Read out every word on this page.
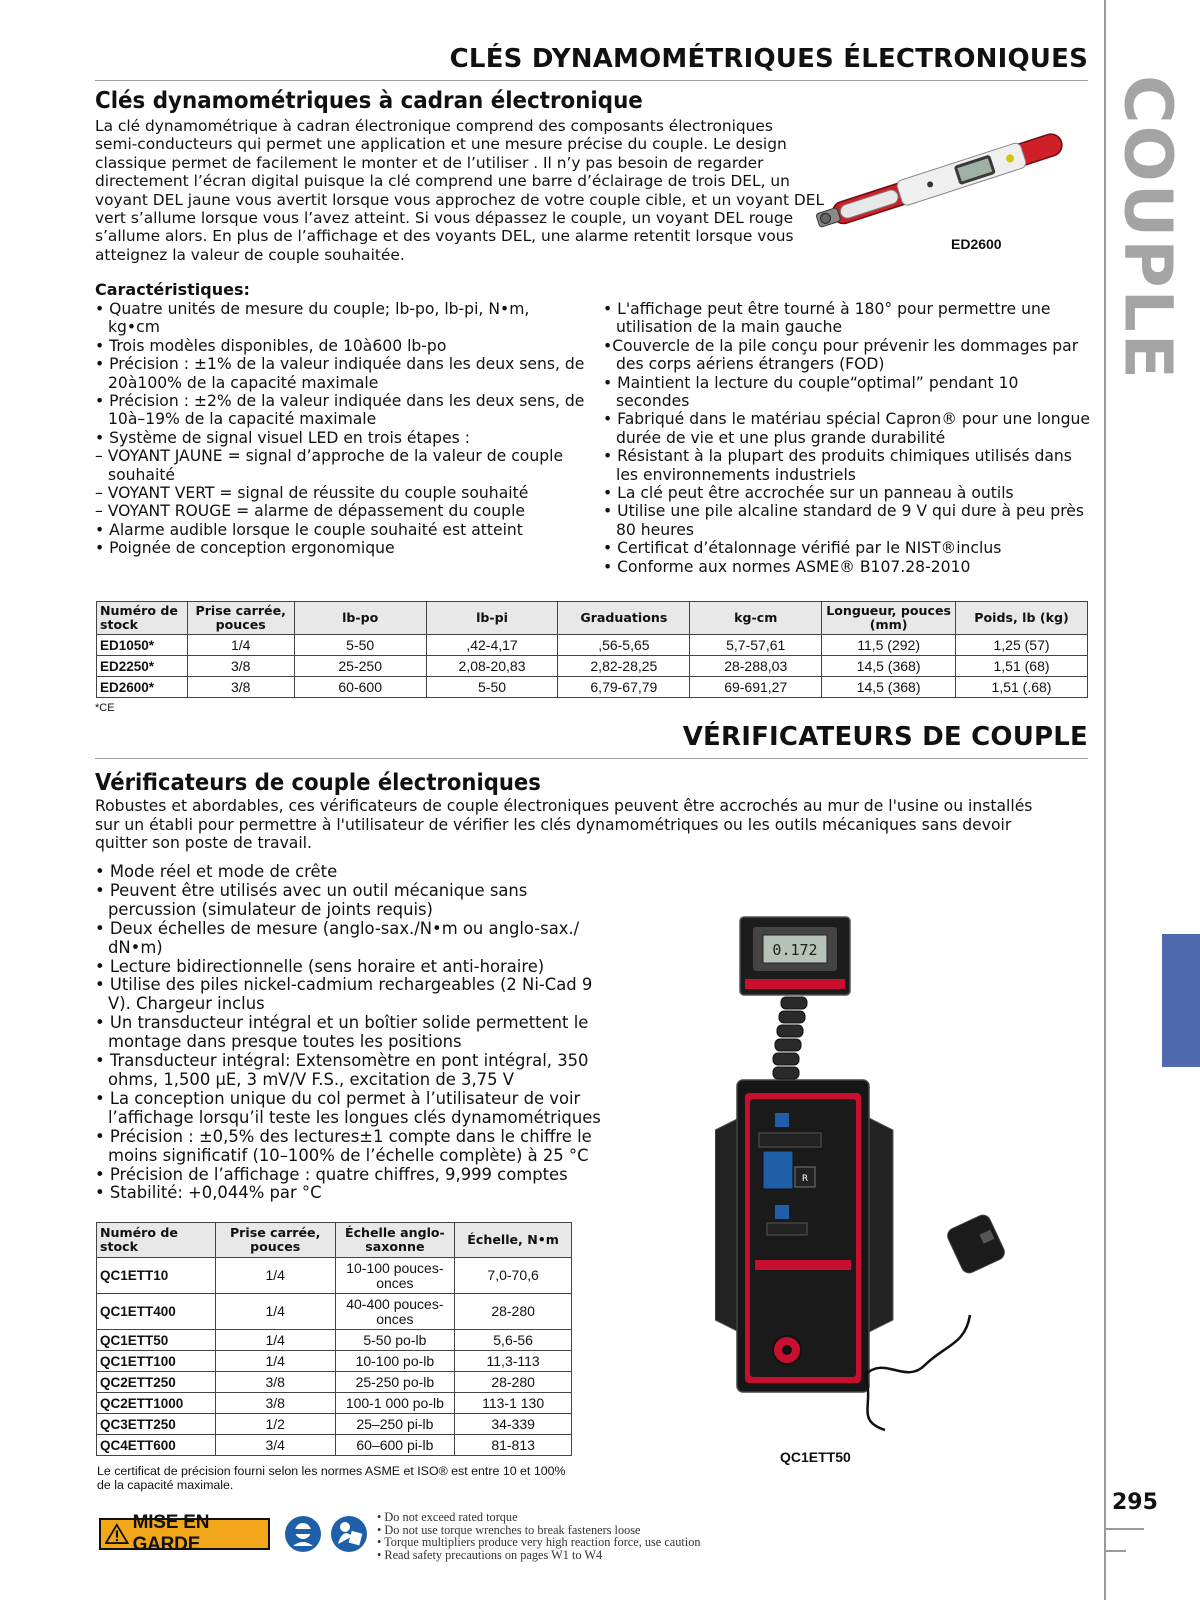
COUPLE
295
CLÉS DYNAMOMÉTRIQUES ÉLECTRONIQUES
Clés dynamométriques à cadran électronique
La clé dynamométrique à cadran électronique comprend des composants électroniques
semi-conducteurs qui permet une application et une mesure précise du couple. Le design
classique permet de facilement le monter et de l’utiliser . Il n’y pas besoin de regarder
directement l’écran digital puisque la clé comprend une barre d’éclairage de trois DEL, un
voyant DEL jaune vous avertit lorsque vous approchez de votre couple cible, et un voyant DEL
vert s’allume lorsque vous l’avez atteint. Si vous dépassez le couple, un voyant DEL rouge
s’allume alors. En plus de l’affichage et des voyants DEL, une alarme retentit lorsque vous
atteignez la valeur de couple souhaitée.
ED2600
Caractéristiques:
• Quatre unités de mesure du couple; lb-po, lb-pi, N•m, kg•cm
• Trois modèles disponibles, de 10à600 lb-po
• Précision : ±1% de la valeur indiquée dans les deux sens, de 20à100% de la capacité maximale
• Précision : ±2% de la valeur indiquée dans les deux sens, de 10à–19% de la capacité maximale
• Système de signal visuel LED en trois étapes :
– VOYANT JAUNE = signal d’approche de la valeur de couple souhaité
– VOYANT VERT = signal de réussite du couple souhaité
– VOYANT ROUGE = alarme de dépassement du couple
• Alarme audible lorsque le couple souhaité est atteint
• Poignée de conception ergonomique
• L'affichage peut être tourné à 180° pour permettre une utilisation de la main gauche
•Couvercle de la pile conçu pour prévenir les dommages par des corps aériens étrangers (FOD)
• Maintient la lecture du couple“optimal” pendant 10 secondes
• Fabriqué dans le matériau spécial Capron® pour une longue durée de vie et une plus grande durabilité
• Résistant à la plupart des produits chimiques utilisés dans les environnements industriels
• La clé peut être accrochée sur un panneau à outils
• Utilise une pile alcaline standard de 9 V qui dure à peu près 80 heures
• Certificat d’étalonnage vérifié par le NIST®inclus
• Conforme aux normes ASME® B107.28-2010
Numéro de stock	Prise carrée, pouces	lb-po	lb-pi	Graduations	kg-cm	Longueur, pouces (mm)	Poids, lb (kg)
ED1050*	1/4	5-50	,42-4,17	,56-5,65	5,7-57,61	11,5 (292)	1,25 (57)
ED2250*	3/8	25-250	2,08-20,83	2,82-28,25	28-288,03	14,5 (368)	1,51 (68)
ED2600*	3/8	60-600	5-50	6,79-67,79	69-691,27	14,5 (368)	1,51 (.68)
*CE
VÉRIFICATEURS DE COUPLE
Vérificateurs de couple électroniques
Robustes et abordables, ces vérificateurs de couple électroniques peuvent être accrochés au mur de l'usine ou installés
sur un établi pour permettre à l'utilisateur de vérifier les clés dynamométriques ou les outils mécaniques sans devoir
quitter son poste de travail.
• Mode réel et mode de crête
• Peuvent être utilisés avec un outil mécanique sans percussion (simulateur de joints requis)
• Deux échelles de mesure (anglo-sax./N•m ou anglo-sax./ dN•m)
• Lecture bidirectionnelle (sens horaire et anti-horaire)
• Utilise des piles nickel-cadmium rechargeables (2 Ni-Cad 9 V). Chargeur inclus
• Un transducteur intégral et un boîtier solide permettent le montage dans presque toutes les positions
• Transducteur intégral: Extensomètre en pont intégral, 350 ohms, 1,500 µE, 3 mV/V F.S., excitation de 3,75 V
• La conception unique du col permet à l’utilisateur de voir l’affichage lorsqu’il teste les longues clés dynamométriques
• Précision : ±0,5% des lectures±1 compte dans le chiffre le moins significatif (10–100% de l’échelle complète) à 25 °C
• Précision de l’affichage : quatre chiffres, 9,999 comptes
• Stabilité: +0,044% par °C
Numéro de stock	Prise carrée, pouces	Échelle anglo-saxonne	Échelle, N•m
QC1ETT10	1/4	10-100 pouces-onces	7,0-70,6
QC1ETT400	1/4	40-400 pouces-onces	28-280
QC1ETT50	1/4	5-50 po-lb	5,6-56
QC1ETT100	1/4	10-100 po-lb	11,3-113
QC2ETT250	3/8	25-250 po-lb	28-280
QC2ETT1000	3/8	100-1 000 po-lb	113-1 130
QC3ETT250	1/2	25–250 pi-lb	34-339
QC4ETT600	3/4	60–600 pi-lb	81-813
Le certificat de précision fourni selon les normes ASME et ISO® est entre 10 et 100% de la capacité maximale.
0.172
R
QC1ETT50
MISE EN GARDE
• Do not exceed rated torque
• Do not use torque wrenches to break fasteners loose
• Torque multipliers produce very high reaction force, use caution
• Read safety precautions on pages W1 to W4
